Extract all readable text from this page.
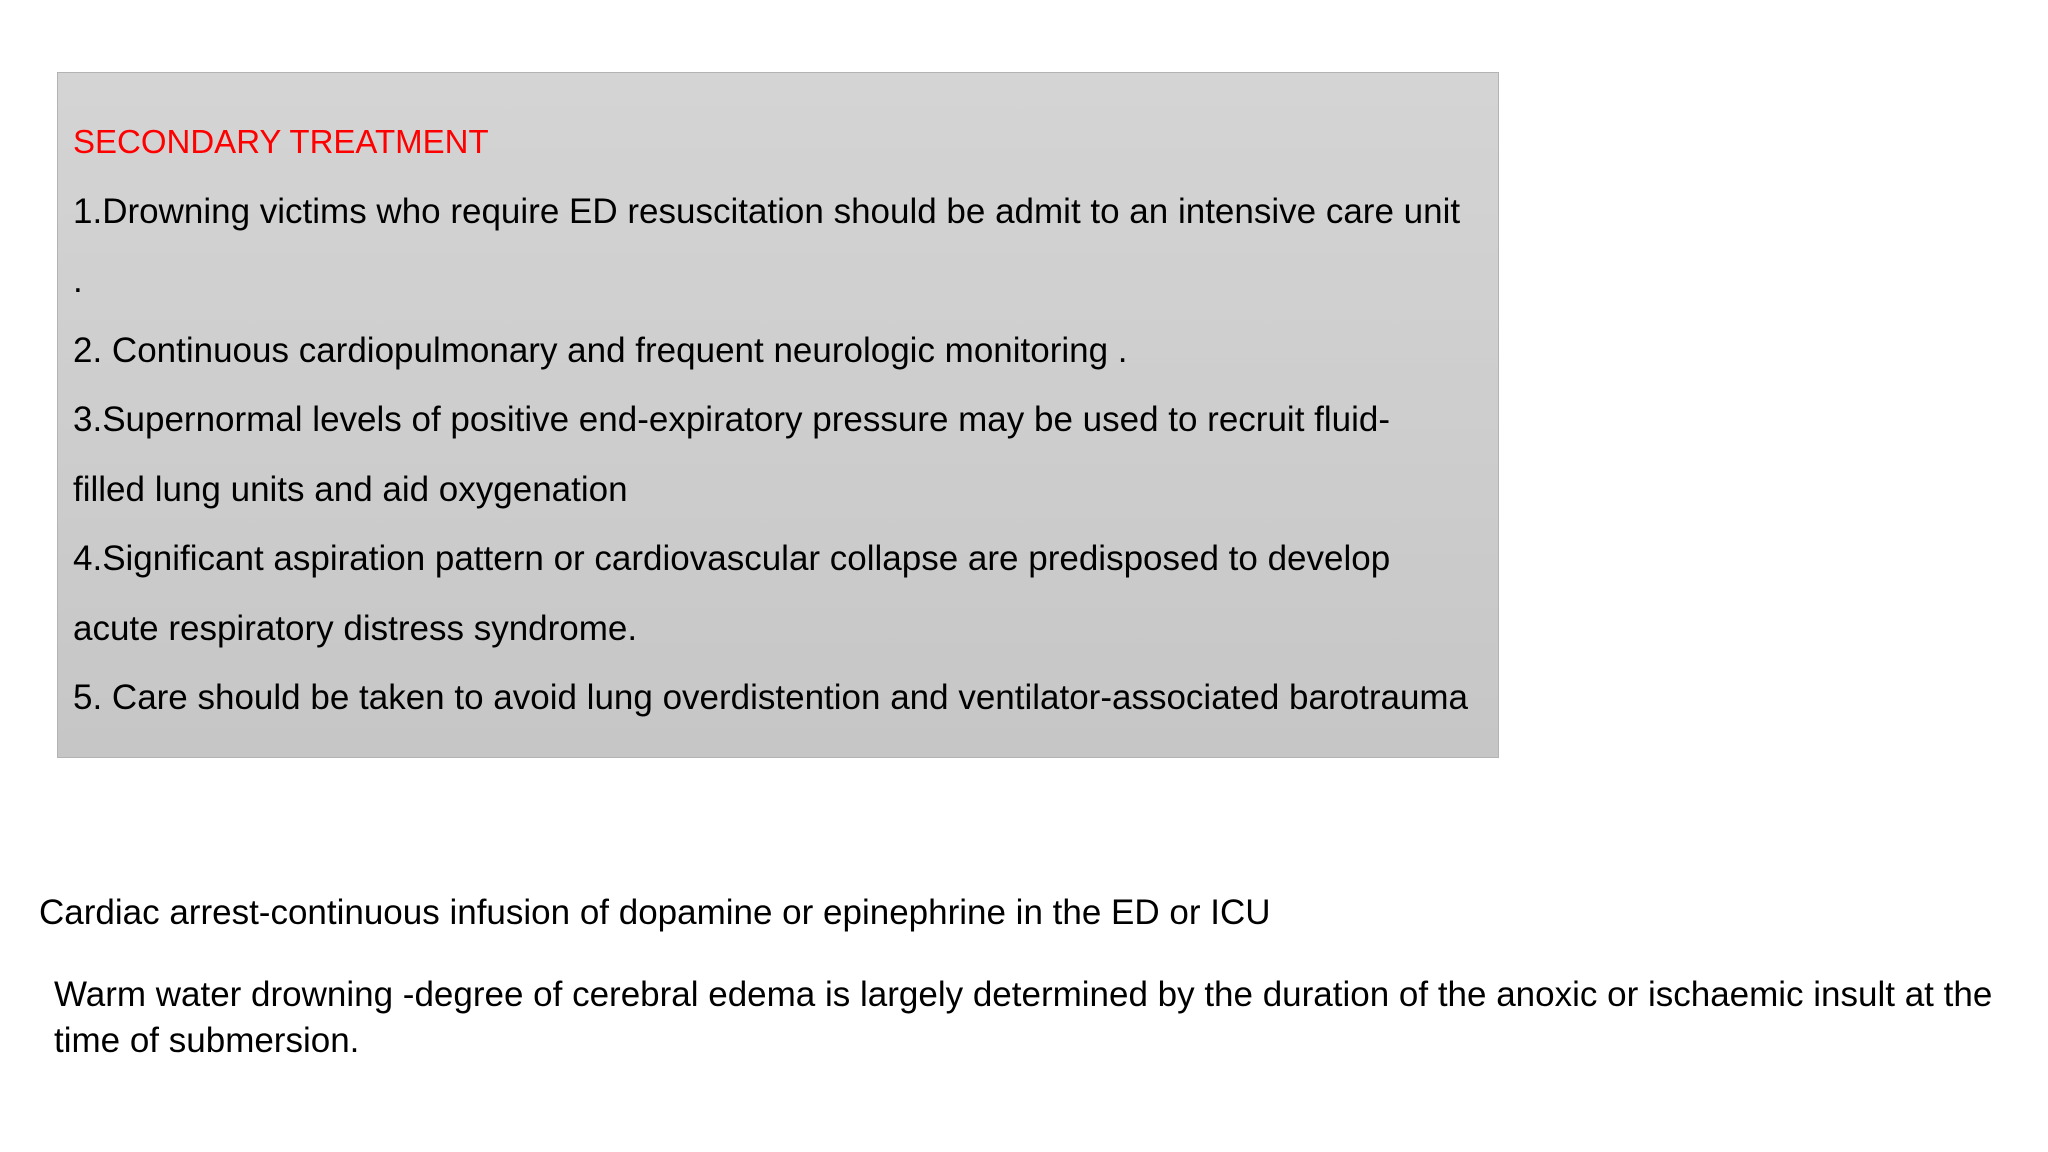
SECONDARY TREATMENT

1.Drowning victims who require ED resuscitation should be admit to an intensive care unit

.

2. Continuous cardiopulmonary and frequent neurologic monitoring .

3.Supernormal levels of positive end-expiratory pressure may be used to recruit fluid-

filled lung units and aid oxygenation

4.Significant aspiration pattern or cardiovascular collapse are predisposed to develop

acute respiratory distress syndrome.

5. Care should be taken to avoid lung overdistention and ventilator-associated barotrauma

Cardiac arrest-continuous infusion of dopamine or epinephrine in the ED or ICU

Warm water drowning -degree of cerebral edema is largely determined by the duration of the anoxic or ischaemic insult at the time of submersion.
